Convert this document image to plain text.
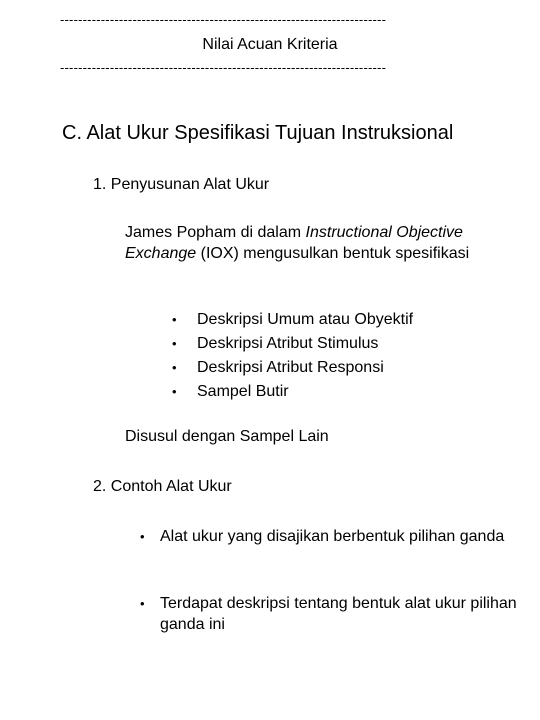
------------------------------------------------------------------------
Nilai Acuan Kriteria
------------------------------------------------------------------------
C. Alat Ukur Spesifikasi Tujuan Instruksional
1. Penyusunan Alat Ukur
James Popham di dalam Instructional Objective Exchange (IOX) mengusulkan bentuk spesifikasi
•	Deskripsi Umum atau Obyektif
•	Deskripsi Atribut Stimulus
•	Deskripsi Atribut Responsi
•	Sampel Butir
Disusul dengan Sampel Lain
2. Contoh Alat Ukur
• Alat ukur yang disajikan berbentuk pilihan ganda
• Terdapat deskripsi tentang bentuk alat ukur pilihan ganda ini
